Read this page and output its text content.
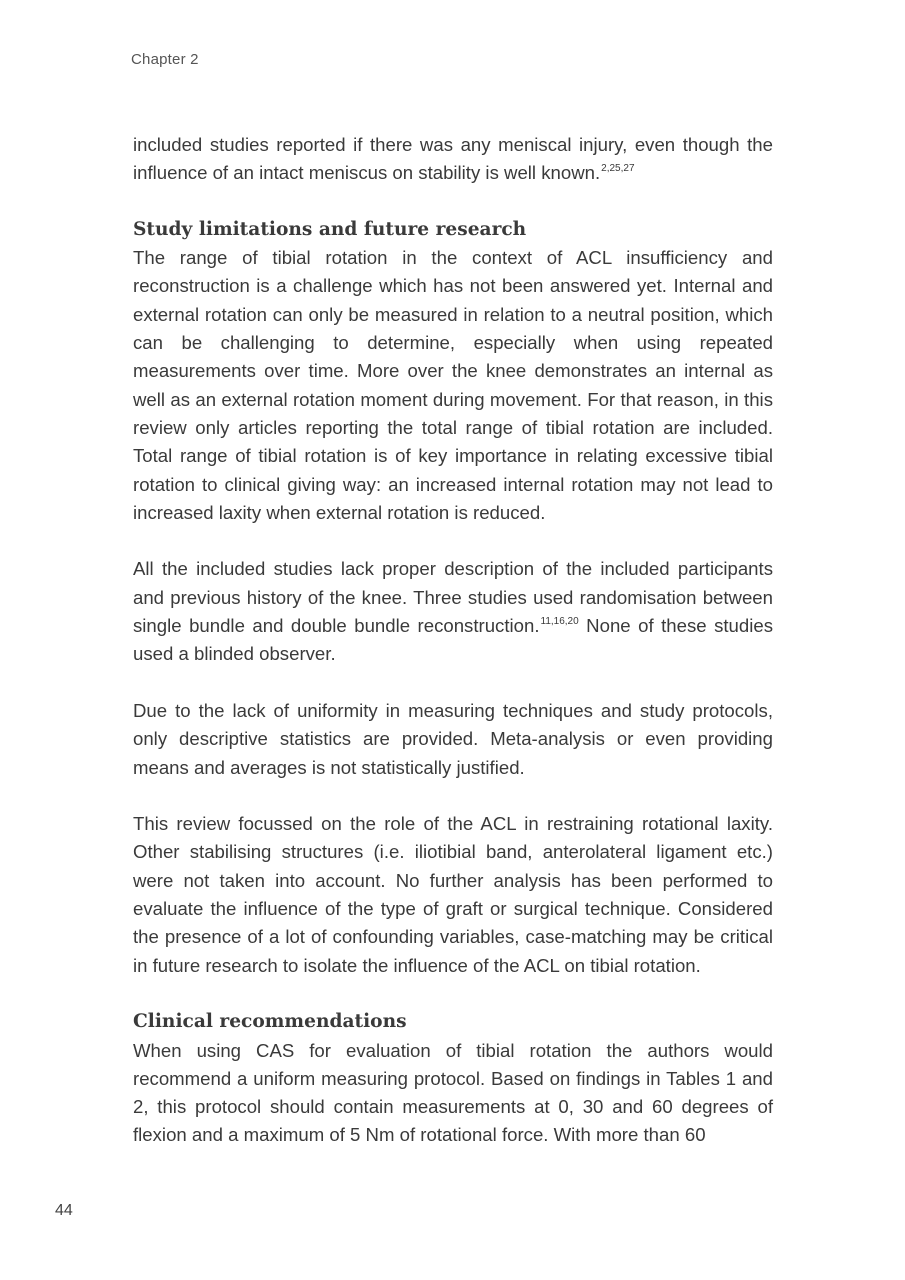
Chapter 2

included studies reported if there was any meniscal injury, even though the influence of an intact meniscus on stability is well known.$^{2,25,27}$

Study limitations and future research

The range of tibial rotation in the context of ACL insufficiency and reconstruction is a challenge which has not been answered yet. Internal and external rotation can only be measured in relation to a neutral position, which can be challenging to determine, especially when using repeated measurements over time. More over the knee demonstrates an internal as well as an external rotation moment during movement. For that reason, in this review only articles reporting the total range of tibial rotation are included. Total range of tibial rotation is of key importance in relating excessive tibial rotation to clinical giving way: an increased internal rotation may not lead to increased laxity when external rotation is reduced.

All the included studies lack proper description of the included participants and previous history of the knee. Three studies used randomisation between single bundle and double bundle reconstruction.$^{11,16,20}$ None of these studies used a blinded observer.

Due to the lack of uniformity in measuring techniques and study protocols, only descriptive statistics are provided. Meta-analysis or even providing means and averages is not statistically justified.

This review focussed on the role of the ACL in restraining rotational laxity. Other stabilising structures (i.e. iliotibial band, anterolateral ligament etc.) were not taken into account. No further analysis has been performed to evaluate the influence of the type of graft or surgical technique. Considered the presence of a lot of confounding variables, case-matching may be critical in future research to isolate the influence of the ACL on tibial rotation.

Clinical recommendations

When using CAS for evaluation of tibial rotation the authors would recommend a uniform measuring protocol. Based on findings in Tables 1 and 2, this protocol should contain measurements at 0, 30 and 60 degrees of flexion and a maximum of 5 Nm of rotational force. With more than 60

44
